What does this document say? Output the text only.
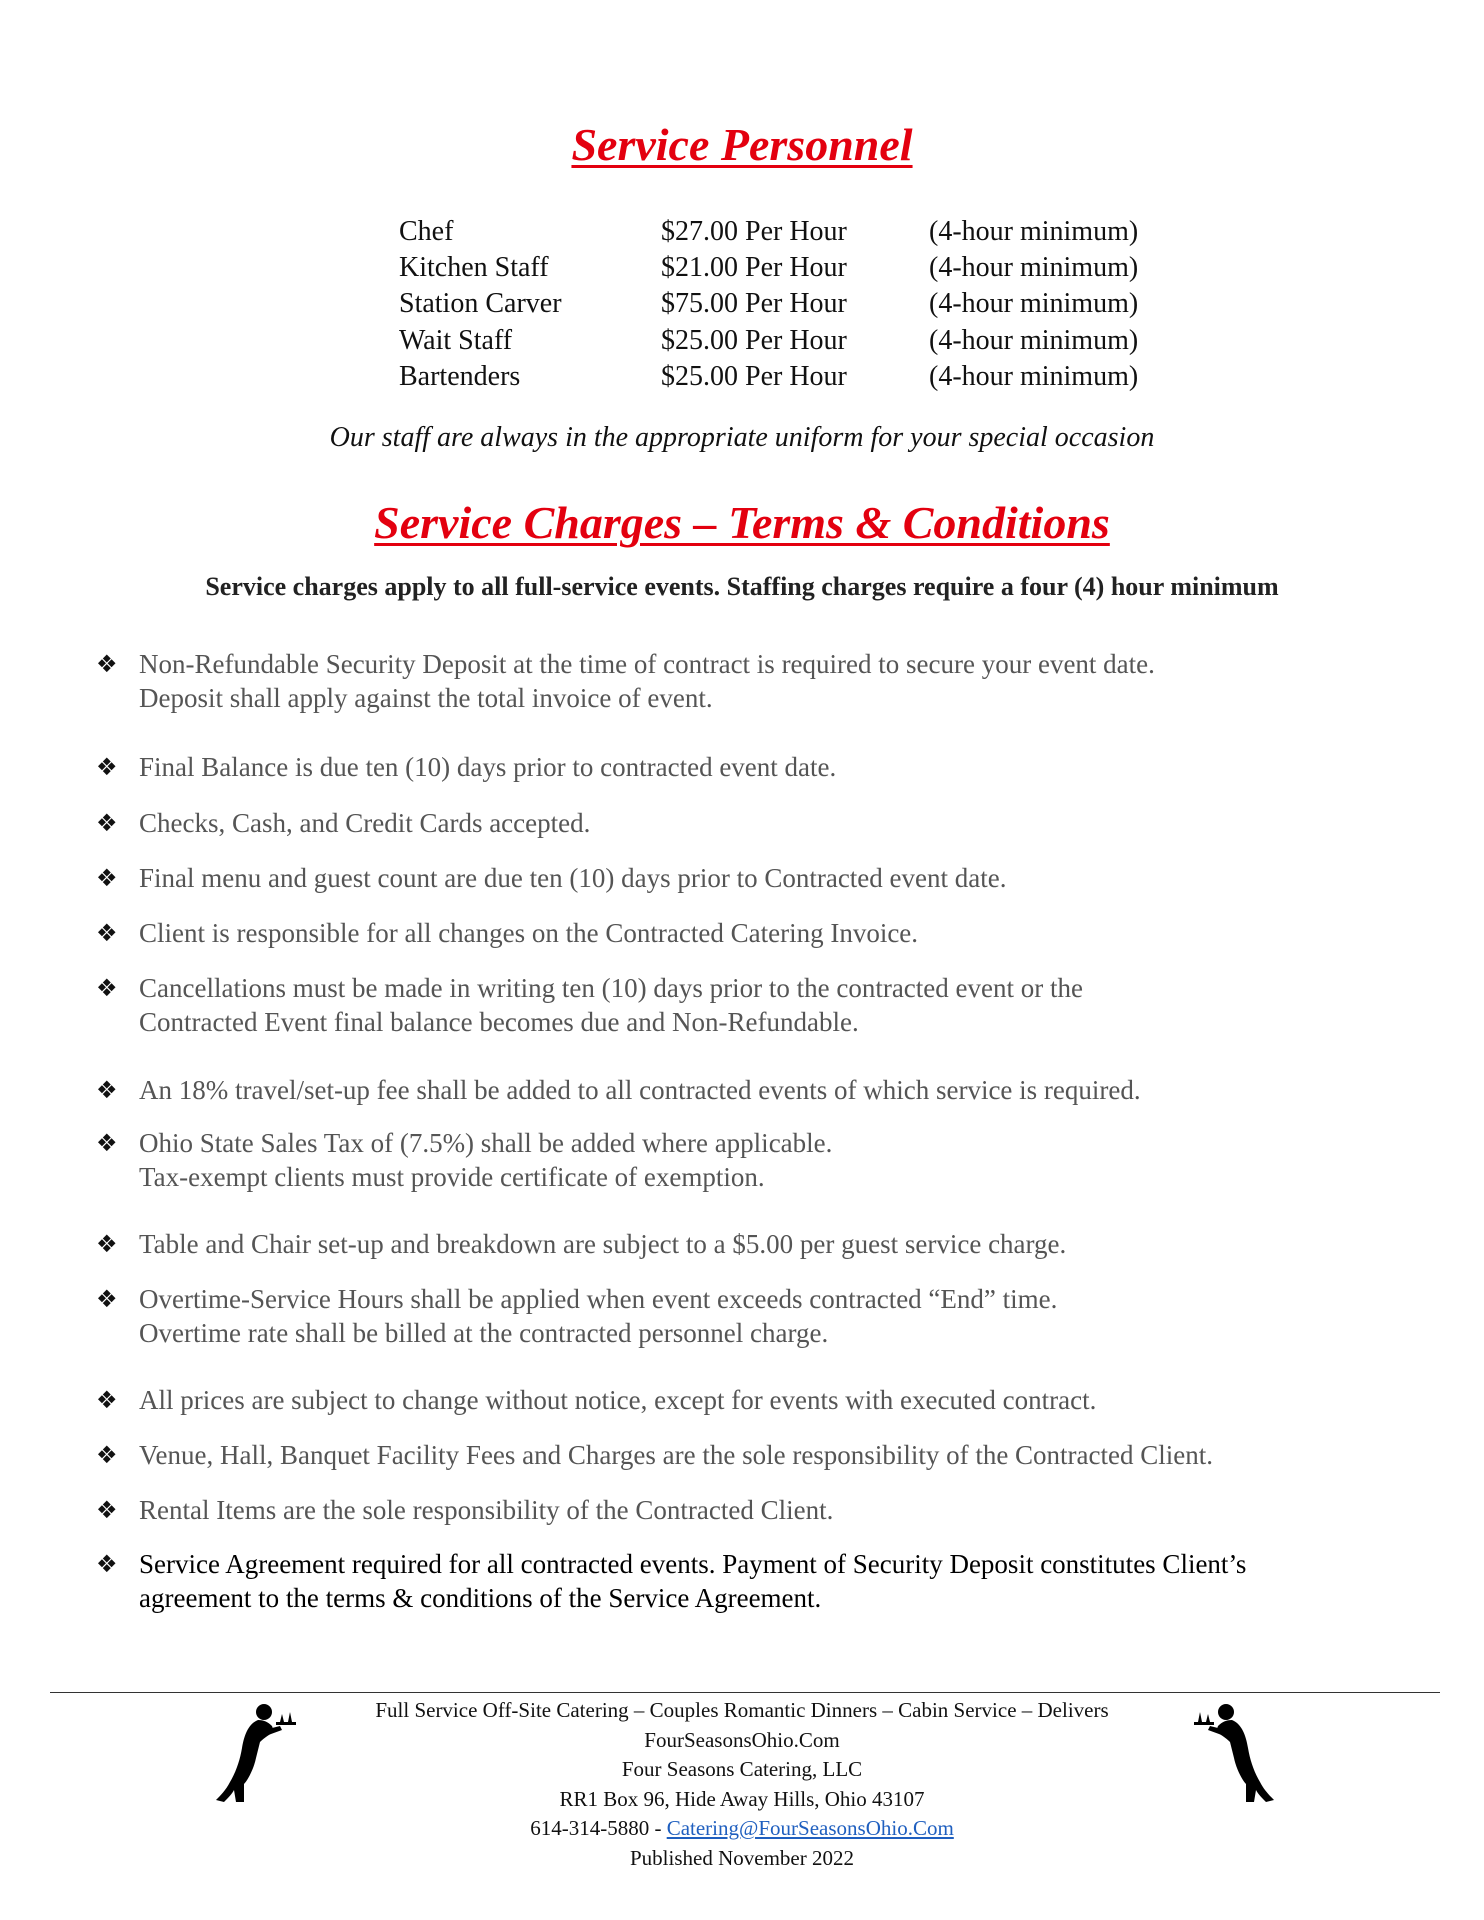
Service Personnel
Chef	$27.00 Per Hour	(4-hour minimum)
Kitchen Staff	$21.00 Per Hour	(4-hour minimum)
Station Carver	$75.00 Per Hour	(4-hour minimum)
Wait Staff	$25.00 Per Hour	(4-hour minimum)
Bartenders	$25.00 Per Hour	(4-hour minimum)
Our staff are always in the appropriate uniform for your special occasion
Service Charges – Terms & Conditions
Service charges apply to all full-service events. Staffing charges require a four (4) hour minimum
❖ Non-Refundable Security Deposit at the time of contract is required to secure your event date.
Deposit shall apply against the total invoice of event.
❖ Final Balance is due ten (10) days prior to contracted event date.
❖ Checks, Cash, and Credit Cards accepted.
❖ Final menu and guest count are due ten (10) days prior to Contracted event date.
❖ Client is responsible for all changes on the Contracted Catering Invoice.
❖ Cancellations must be made in writing ten (10) days prior to the contracted event or the
Contracted Event final balance becomes due and Non-Refundable.
❖ An 18% travel/set-up fee shall be added to all contracted events of which service is required.
❖ Ohio State Sales Tax of (7.5%) shall be added where applicable.
Tax-exempt clients must provide certificate of exemption.
❖ Table and Chair set-up and breakdown are subject to a $5.00 per guest service charge.
❖ Overtime-Service Hours shall be applied when event exceeds contracted “End” time.
Overtime rate shall be billed at the contracted personnel charge.
❖ All prices are subject to change without notice, except for events with executed contract.
❖ Venue, Hall, Banquet Facility Fees and Charges are the sole responsibility of the Contracted Client.
❖ Rental Items are the sole responsibility of the Contracted Client.
❖ Service Agreement required for all contracted events. Payment of Security Deposit constitutes Client’s
agreement to the terms & conditions of the Service Agreement.
Full Service Off-Site Catering – Couples Romantic Dinners – Cabin Service – Delivers
FourSeasonsOhio.Com
Four Seasons Catering, LLC
RR1 Box 96, Hide Away Hills, Ohio 43107
614-314-5880 - Catering@FourSeasonsOhio.Com
Published November 2022
